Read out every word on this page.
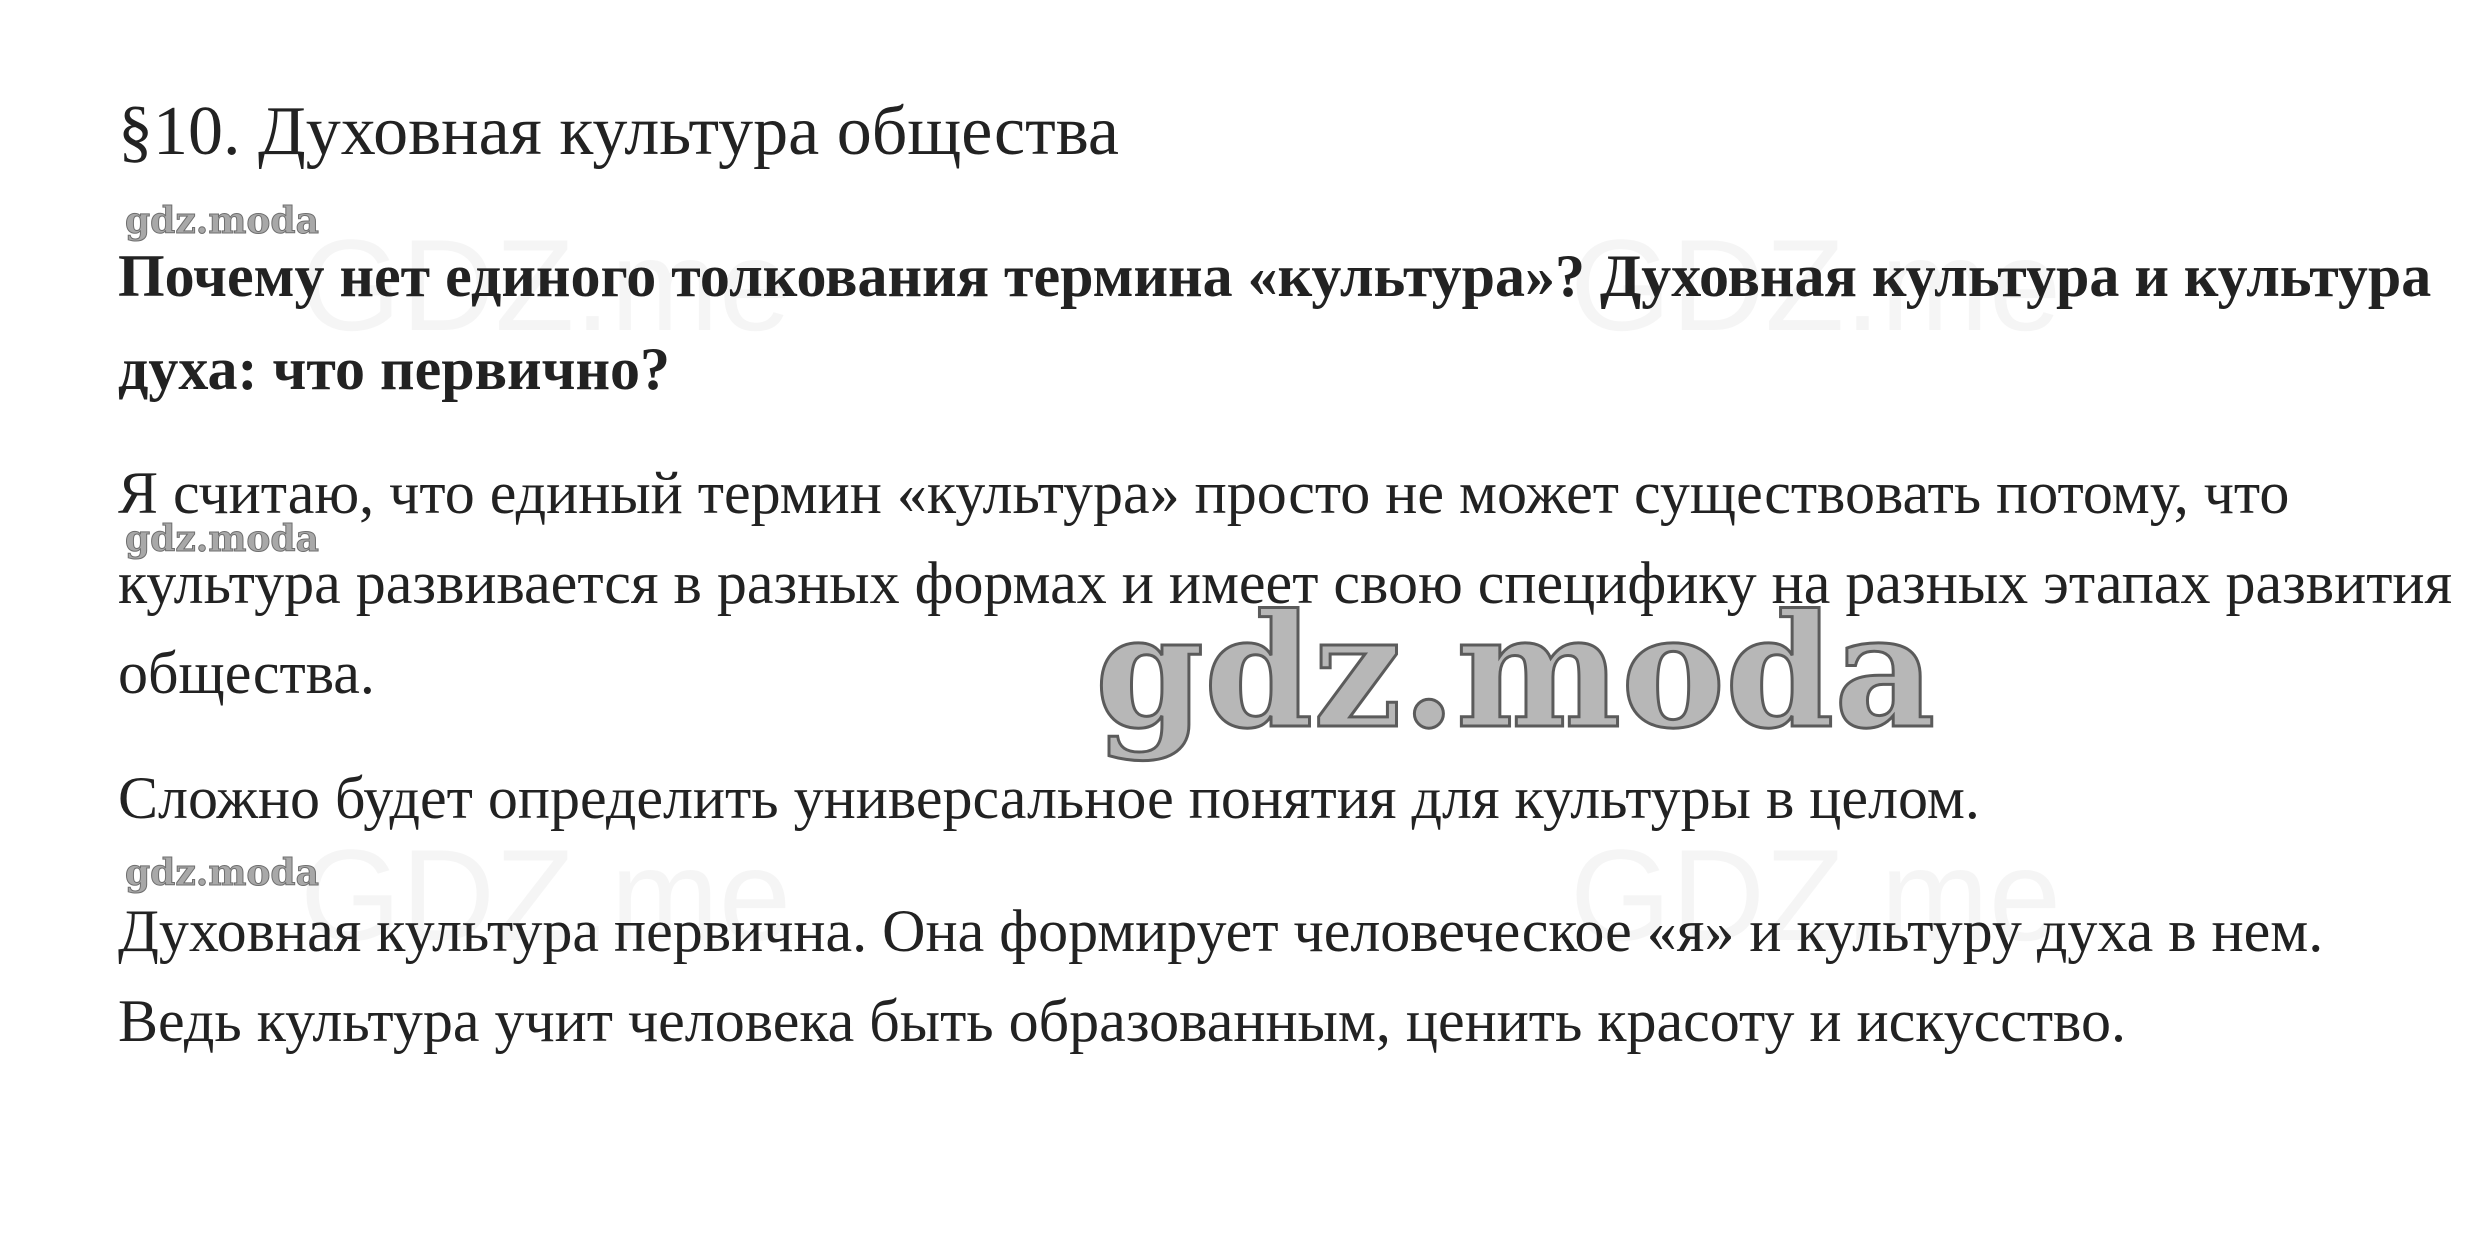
§10. Духовная культура общества
gdz.moda
Почему нет единого толкования термина «культура»? Духовная культура и культура духа: что первично?

Я считаю, что единый термин «культура» просто не может существовать потому, что культура развивается в разных формах и имеет свою специфику на разных этапах развития общества.

gdz.moda

Сложно будет определить универсальное понятия для культуры в целом.

gdz.moda

Духовная культура первична. Она формирует человеческое «я» и культуру духа в нем. Ведь культура учит человека быть образованным, ценить красоту и искусство.

gdz.moda
